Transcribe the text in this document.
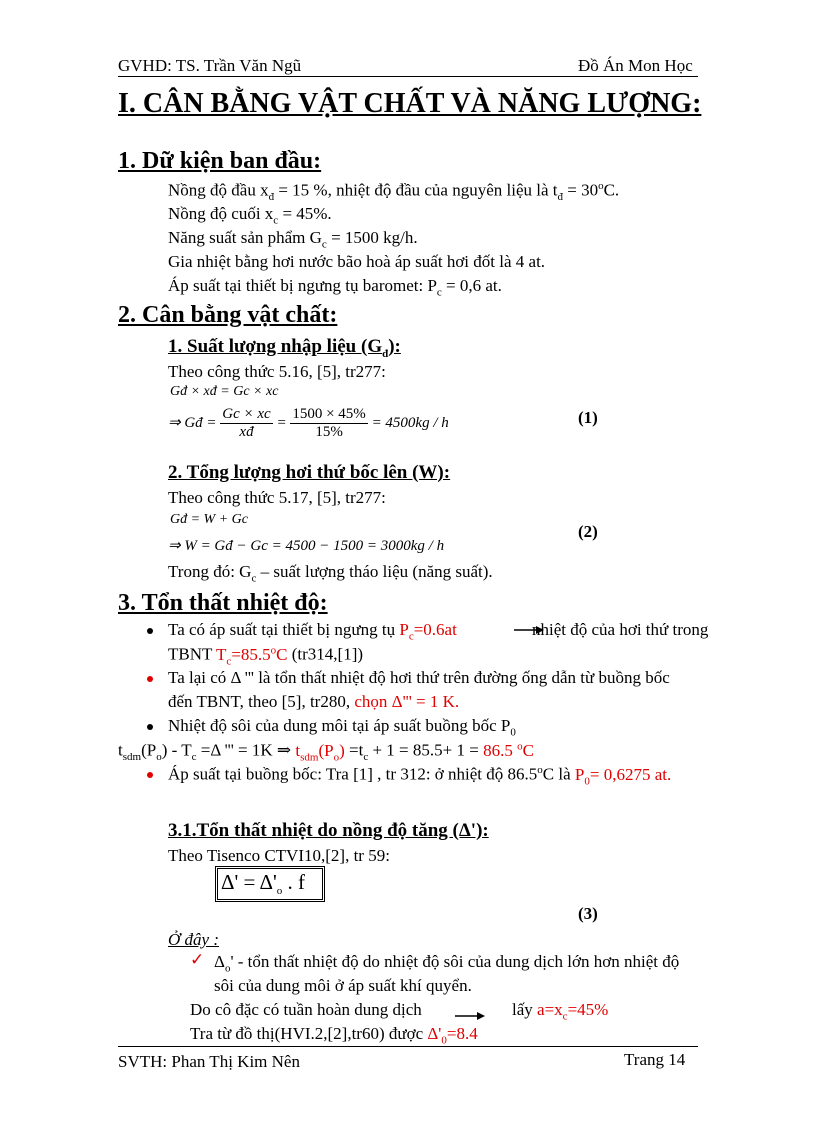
GVHD: TS. Trần Văn Ngũ	Đồ Án Mon Học
I. CÂN BẰNG VẬT CHẤT VÀ NĂNG LƯỢNG:
1. Dữ kiện ban đầu:
Nồng độ đầu $x_đ = 15$ %, nhiệt độ đầu của nguyên liệu là $t_đ = 30^oC$.
Nồng độ cuối $x_c = 45\%$.
Năng suất sản phẩm $G_c = 1500$ kg/h.
Gia nhiệt bằng hơi nước bão hoà áp suất hơi đốt là 4 at.
Áp suất tại thiết bị ngưng tụ baromet: $P_c = 0,6$ at.
2. Cân bằng vật chất:
1. Suất lượng nhập liệu $(G_đ)$:
Theo công thức 5.16, [5], tr277:
Gđ × xđ = Gc × xc
⇒ Gđ = $\frac{Gc \times xc}{xđ} = \frac{1500 \times 45\%}{15\%} = 4500kg / h$	(1)
2. Tổng lượng hơi thứ bốc lên (W):
Theo công thức 5.17, [5], tr277:
Gđ = W + Gc
⇒ W = Gđ − Gc = 4500 − 1500 = 3000kg / h
(2)
Trong đó: $G_c$ – suất lượng tháo liệu (năng suất).
3. Tổn thất nhiệt độ:
Ta có áp suất tại thiết bị ngưng tụ $P_c=0.6at$	nhiệt độ của hơi thứ trong
TBNT $T_c=85.5^oC$ (tr314,[1])
Ta lại có Δ ''' là tổn thất nhiệt độ hơi thứ trên đường ống dẫn từ buồng bốc
đến TBNT, theo [5], tr280, chọn Δ''' = 1 K.
Nhiệt độ sôi của dung môi tại áp suất buồng bốc $P_0$
$t_{sdm}(P_o) - T_c =\Delta$ ''' = 1K ⇒ $t_{sdm}(P_o) =t_c + 1 = 85.5+ 1 = 86.5$ $^o$C
Áp suất tại buồng bốc: Tra [1] , tr 312: ở nhiệt độ 86.5$^o$C là $P_0= 0,6275$ at.
3.1.Tổn thất nhiệt do nồng độ tăng (Δ'):
Theo Tisenco CTVI10,[2], tr 59:
$\Delta' = \Delta'_o$ . f
(3)
Ở đây :
✓ $\Delta_o'$ - tổn thất nhiệt độ do nhiệt độ sôi của dung dịch lớn hơn nhiệt độ
sôi của dung môi ở áp suất khí quyển.
Do cô đặc có tuần hoàn dung dịch	lấy $a=x_c=45\%$
Tra từ đồ thị(HVI.2,[2],tr60) được $\Delta'_0=8.4$
SVTH: Phan Thị Kim Nên	Trang 14
